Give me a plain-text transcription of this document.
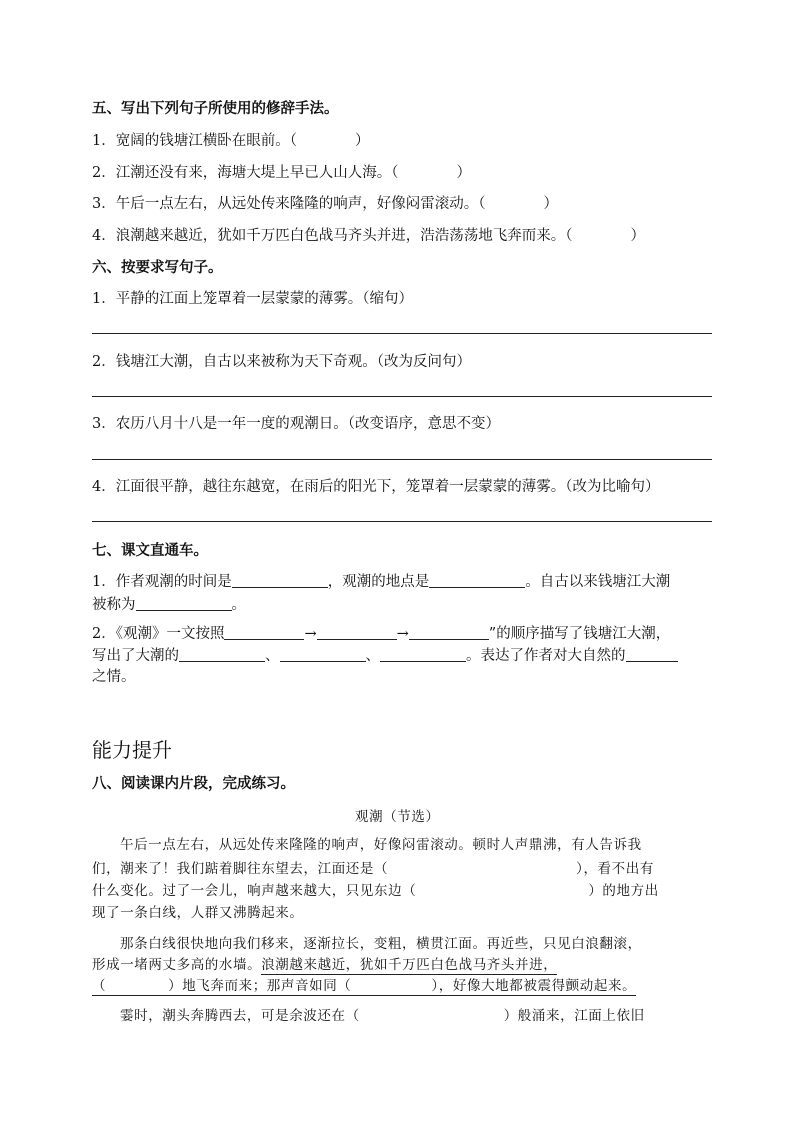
五、写出下列句子所使用的修辞手法。
1．宽阔的钱塘江横卧在眼前。（　　　　）
2．江潮还没有来，海塘大堤上早已人山人海。（　　　　）
3．午后一点左右，从远处传来隆隆的响声，好像闷雷滚动。（　　　　）
4．浪潮越来越近，犹如千万匹白色战马齐头并进，浩浩荡荡地飞奔而来。（　　　　）
六、按要求写句子。
1．平静的江面上笼罩着一层蒙蒙的薄雾。（缩句）
2．钱塘江大潮，自古以来被称为天下奇观。（改为反问句）
3．农历八月十八是一年一度的观潮日。（改变语序，意思不变）
4．江面很平静，越往东越宽，在雨后的阳光下，笼罩着一层蒙蒙的薄雾。（改为比喻句）
七、课文直通车。
1．作者观潮的时间是	，观潮的地点是	。自古以来钱塘江大潮
被称为	。
2．《观潮》一文按照	→	→	”的顺序描写了钱塘江大潮，
写出了大潮的	、	、	。表达了作者对大自然的
之情。
能力提升
八、阅读课内片段，完成练习。
观潮（节选）
午后一点左右，从远处传来隆隆的响声，好像闷雷滚动。顿时人声鼎沸，有人告诉我
们，潮来了！我们踮着脚往东望去，江面还是（	），看不出有
什么变化。过了一会儿，响声越来越大，只见东边（	）的地方出
现了一条白线，人群又沸腾起来。
那条白线很快地向我们移来，逐渐拉长，变粗，横贯江面。再近些，只见白浪翻滚，
形成一堵两丈多高的水墙。浪潮越来越近，犹如千万匹白色战马齐头并进，
（	）地飞奔而来；那声音如同（	），好像大地都被震得颤动起来。
霎时，潮头奔腾西去，可是余波还在（	）般涌来，江面上依旧
